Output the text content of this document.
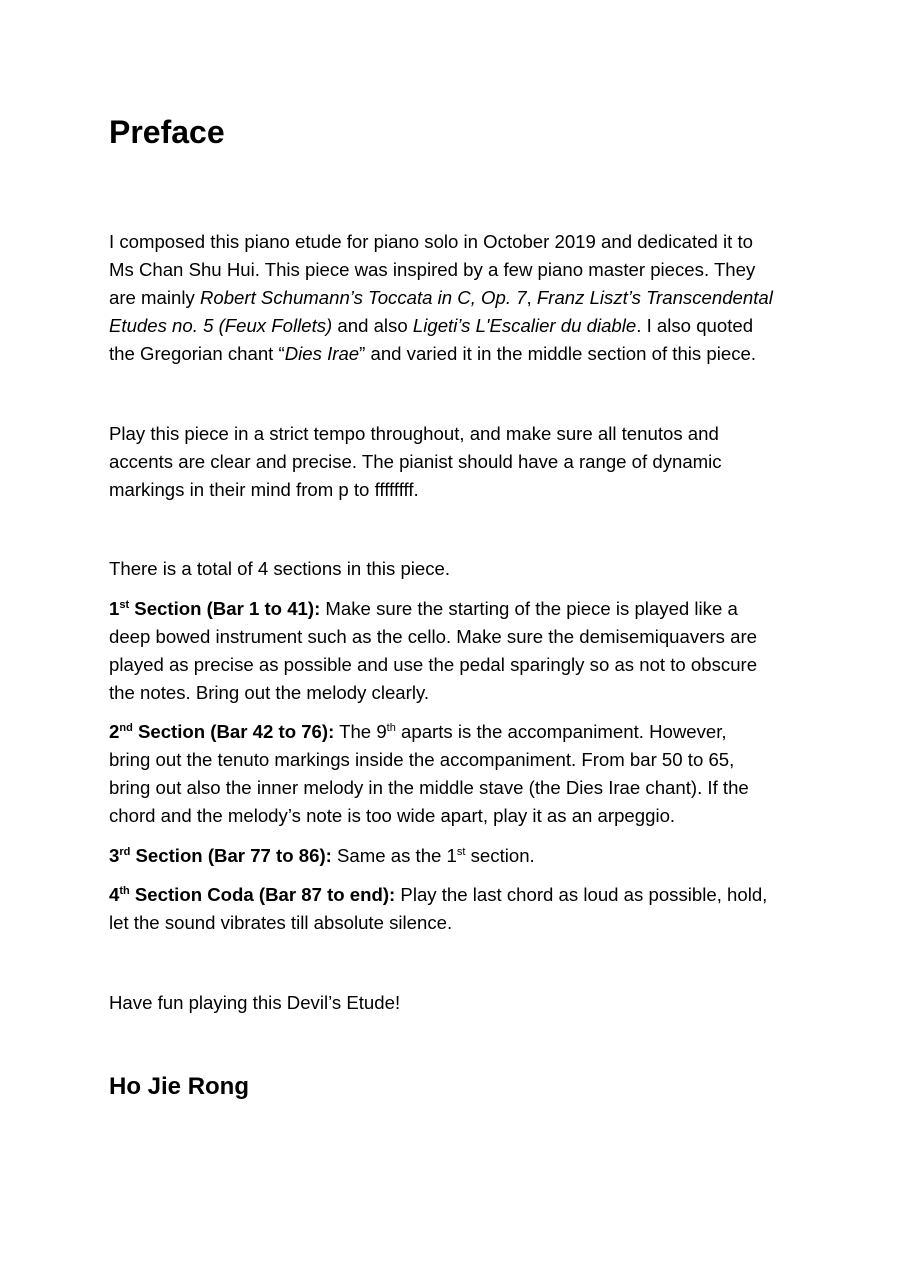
Preface

I composed this piano etude for piano solo in October 2019 and dedicated it to
Ms Chan Shu Hui. This piece was inspired by a few piano master pieces. They
are mainly Robert Schumann’s Toccata in C, Op. 7, Franz Liszt’s Transcendental
Etudes no. 5 (Feux Follets) and also Ligeti’s L'Escalier du diable. I also quoted
the Gregorian chant “Dies Irae” and varied it in the middle section of this piece.

Play this piece in a strict tempo throughout, and make sure all tenutos and
accents are clear and precise. The pianist should have a range of dynamic
markings in their mind from p to ffffffff.

There is a total of 4 sections in this piece.

1st Section (Bar 1 to 41): Make sure the starting of the piece is played like a
deep bowed instrument such as the cello. Make sure the demisemiquavers are
played as precise as possible and use the pedal sparingly so as not to obscure
the notes. Bring out the melody clearly.

2nd Section (Bar 42 to 76): The 9th aparts is the accompaniment. However,
bring out the tenuto markings inside the accompaniment. From bar 50 to 65,
bring out also the inner melody in the middle stave (the Dies Irae chant). If the
chord and the melody’s note is too wide apart, play it as an arpeggio.

3rd Section (Bar 77 to 86): Same as the 1st section.

4th Section Coda (Bar 87 to end): Play the last chord as loud as possible, hold,
let the sound vibrates till absolute silence.

Have fun playing this Devil’s Etude!

Ho Jie Rong
